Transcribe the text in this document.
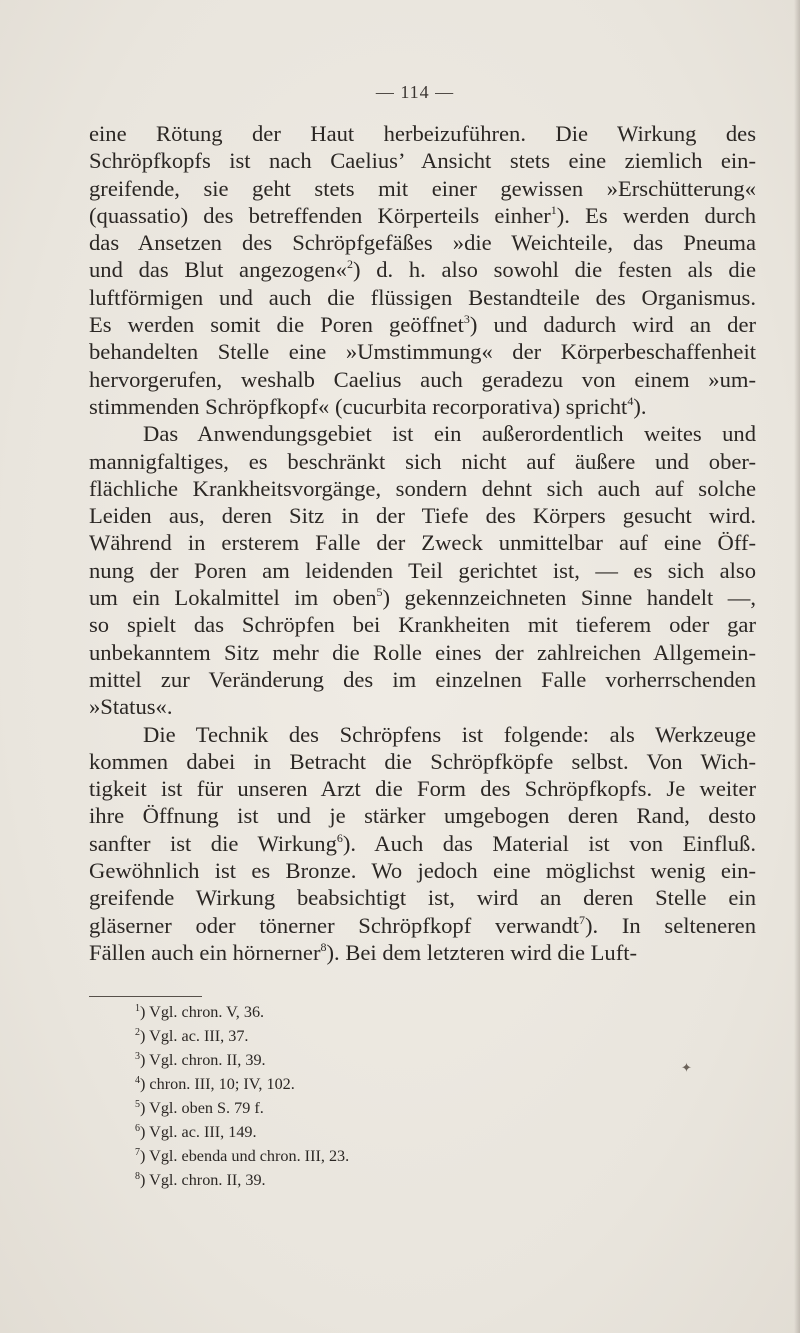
— 114 —
eine Rötung der Haut herbeizuführen. Die Wirkung des
Schröpfkopfs ist nach Caelius’ Ansicht stets eine ziemlich ein-
greifende, sie geht stets mit einer gewissen »Erschütterung«
(quassatio) des betreffenden Körperteils einher$^1$). Es werden durch
das Ansetzen des Schröpfgefäßes »die Weichteile, das Pneuma
und das Blut angezogen«$^2$) d. h. also sowohl die festen als die
luftförmigen und auch die flüssigen Bestandteile des Organismus.
Es werden somit die Poren geöffnet$^3$) und dadurch wird an der
behandelten Stelle eine »Umstimmung« der Körperbeschaffenheit
hervorgerufen, weshalb Caelius auch geradezu von einem »um-
stimmenden Schröpfkopf« (cucurbita recorporativa) spricht$^4$).
Das Anwendungsgebiet ist ein außerordentlich weites und
mannigfaltiges, es beschränkt sich nicht auf äußere und ober-
flächliche Krankheitsvorgänge, sondern dehnt sich auch auf solche
Leiden aus, deren Sitz in der Tiefe des Körpers gesucht wird.
Während in ersterem Falle der Zweck unmittelbar auf eine Öff-
nung der Poren am leidenden Teil gerichtet ist, — es sich also
um ein Lokalmittel im oben$^5$) gekennzeichneten Sinne handelt —,
so spielt das Schröpfen bei Krankheiten mit tieferem oder gar
unbekanntem Sitz mehr die Rolle eines der zahlreichen Allgemein-
mittel zur Veränderung des im einzelnen Falle vorherrschenden
»Status«.
Die Technik des Schröpfens ist folgende: als Werkzeuge
kommen dabei in Betracht die Schröpfköpfe selbst. Von Wich-
tigkeit ist für unseren Arzt die Form des Schröpfkopfs. Je weiter
ihre Öffnung ist und je stärker umgebogen deren Rand, desto
sanfter ist die Wirkung$^6$). Auch das Material ist von Einfluß.
Gewöhnlich ist es Bronze. Wo jedoch eine möglichst wenig ein-
greifende Wirkung beabsichtigt ist, wird an deren Stelle ein
gläserner oder tönerner Schröpfkopf verwandt$^7$). In selteneren
Fällen auch ein hörnerner$^8$). Bei dem letzteren wird die Luft-
$^1$) Vgl. chron. V, 36.
$^2$) Vgl. ac. III, 37.
$^3$) Vgl. chron. II, 39.
$^4$) chron. III, 10; IV, 102.
$^5$) Vgl. oben S. 79 f.
$^6$) Vgl. ac. III, 149.
$^7$) Vgl. ebenda und chron. III, 23.
$^8$) Vgl. chron. II, 39.
✦
